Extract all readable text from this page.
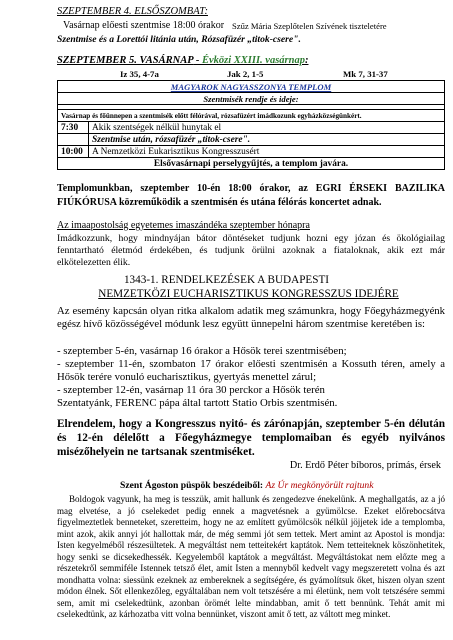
SZEPTEMBER 4. ELSŐSZOMBAT:
Vasárnap előesti szentmise 18:00 órakor Szűz Mária Szeplőtelen Szívének tiszteletére
Szentmise és a Lorettói litánia után, Rózsafüzér „titok-csere".
SZEPTEMBER 5. VASÁRNAP - Évközi XXIII. vasárnap:
Iz 35, 4-7a	Jak 2, 1-5	Mk 7, 31-37
MAGYAROK NAGYASSZONYA TEMPLOM	
Szentmisék rendje és ideje:	

Vasárnap és főünnepen a szentmisék előtt félórával, rózsafüzért imádkozunk egyházközségünkért.	
7:30	Akik szentségek nélkül hunytak el
	Szentmise után, rózsafüzér „titok-csere".
10:00	A Nemzetközi Eukarisztikus Kongresszusért
Elsővasárnapi perselygyűjtés, a templom javára.	
Templomunkban, szeptember 10-én 18:00 órakor, az EGRI ÉRSEKI BAZILIKA FIÚKÓRUSA közreműködik a szentmisén és utána félórás koncertet adnak.
Az imaapostolság egyetemes imaszándéka szeptember hónapra
Imádkozzunk, hogy mindnyájan bátor döntéseket tudjunk hozni egy józan és ökológiailag fenntartható életmód érdekében, és tudjunk örülni azoknak a fiataloknak, akik ezt már elkötelezetten élik.
1343-1. RENDELKEZÉSEK A BUDAPESTI
NEMZETKÖZI EUCHARISZTIKUS KONGRESSZUS IDEJÉRE
Az esemény kapcsán olyan ritka alkalom adatik meg számunkra, hogy Főegyházmegyénk egész hívő közösségével módunk lesz együtt ünnepelni három szentmise keretében is:
- szeptember 5-én, vasárnap 16 órakor a Hősök terei szentmisében;
- szeptember 11-én, szombaton 17 órakor előesti szentmisén a Kossuth téren, amely a Hősök terére vonuló eucharisztikus, gyertyás menettel zárul;
- szeptember 12-én, vasárnap 11 óra 30 perckor a Hősök terén
Szentatyánk, FERENC pápa által tartott Statio Orbis szentmisén.
Elrendelem, hogy a Kongresszus nyitó- és zárónapján, szeptember 5-én délután és 12-én délelőtt a Főegyházmegye templomaiban és egyéb nyilvános misézőhelyein ne tartsanak szentmiséket.
Dr. Erdő Péter bíboros, prímás, érsek
Szent Ágoston püspök beszédeiből: Az Úr megkönyörült rajtunk
Boldogok vagyunk, ha meg is tesszük, amit hallunk és zengedezve énekelünk. A meghallgatás, az a jó mag elvetése, a jó cselekedet pedig ennek a magvetésnek a gyümölcse. Ezeket előrebocsátva figyelmeztetlek benneteket, szeretteim, hogy ne az említett gyümölcsök nélkül jöjjetek ide a templomba, mint azok, akik annyi jót hallottak már, de még semmi jót sem tettek. Mert amint az Apostol is mondja: Isten kegyelméből részesültetek. A megváltást nem tetteitekért kaptátok. Nem tetteiteknek köszönhetitek, hogy senki se dicsekedhessék. Kegyelemből kaptátok a megváltást. Megváltástokat nem előzte meg a részetekről semmiféle Istennek tetsző élet, amit Isten a mennyből kedvelt vagy megszeretett volna és azt mondhatta volna: siessünk ezeknek az embereknek a segítségére, és gyámolítsuk őket, hiszen olyan szent módon élnek. Sőt ellenkezőleg, egyáltalában nem volt tetszésére a mi életünk, nem volt tetszésére semmi sem, amit mi cselekedtünk, azonban örömét lelte mindabban, amit ő tett bennünk. Tehát amit mi cselekedtünk, az kárhozatba vitt volna bennünket, viszont amit ő tett, az váltott meg minket.
